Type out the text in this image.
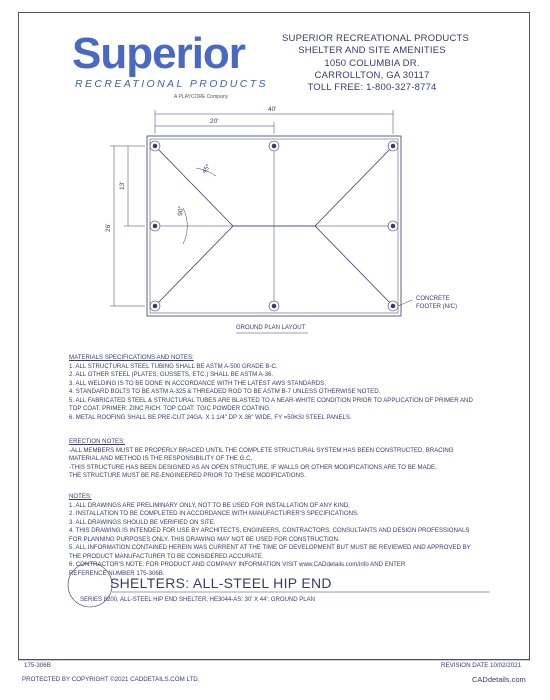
Superior
RECREATIONAL PRODUCTS
A PLAYCORE Company
SUPERIOR RECREATIONAL PRODUCTS
SHELTER AND SITE AMENITIES
1050 COLUMBIA DR.
CARROLLTON, GA 30117
TOLL FREE: 1-800-327-8774
40'
20'
26'
13'
45°
90°
CONCRETE
FOOTER (N/C)
GROUND PLAN LAYOUT
MATERIALS SPECIFICATIONS AND NOTES:
1. ALL STRUCTURAL STEEL TUBING SHALL BE ASTM A-500 GRADE B-C.
2. ALL OTHER STEEL (PLATES, GUSSETS, ETC.) SHALL BE ASTM A-36.
3. ALL WELDING IS TO BE DONE IN ACCORDANCE WITH THE LATEST AWS STANDARDS.
4. STANDARD BOLTS TO BE ASTM A-325 & THREADED ROD TO BE ASTM B-7 UNLESS OTHERWISE NOTED.
5. ALL FABRICATED STEEL & STRUCTURAL TUBES ARE BLASTED TO A NEAR-WHITE CONDITION PRIOR TO APPLICATION OF PRIMER AND
TOP COAT. PRIMER: ZINC RICH. TOP COAT: TGIC POWDER COATING.
6. METAL ROOFING SHALL BE PRE-CUT 24GA. X 1 1/4" DP X 36" WIDE, FY =50KSI STEEL PANELS.
ERECTION NOTES:
-ALL MEMBERS MUST BE PROPERLY BRACED UNTIL THE COMPLETE STRUCTURAL SYSTEM HAS BEEN CONSTRUCTED. BRACING
MATERIAL AND METHOD IS THE RESPONSIBILITY OF THE G.C.
-THIS STRUCTURE HAS BEEN DESIGNED AS AN OPEN STRUCTURE. IF WALLS OR OTHER MODIFICATIONS ARE TO BE MADE,
THE STRUCTURE MUST BE RE-ENGINEERED PRIOR TO THESE MODIFICATIONS.
NOTES:
1. ALL DRAWINGS ARE PRELIMINARY ONLY, NOT TO BE USED FOR INSTALLATION OF ANY KIND.
2. INSTALLATION TO BE COMPLETED IN ACCORDANCE WITH MANUFACTURER'S SPECIFICATIONS.
3. ALL DRAWINGS SHOULD BE VERIFIED ON SITE.
4. THIS DRAWING IS INTENDED FOR USE BY ARCHITECTS, ENGINEERS, CONTRACTORS, CONSULTANTS AND DESIGN PROFESSIONALS
FOR PLANNING PURPOSES ONLY. THIS DRAWING MAY NOT BE USED FOR CONSTRUCTION.
5. ALL INFORMATION CONTAINED HEREIN WAS CURRENT AT THE TIME OF DEVELOPMENT BUT MUST BE REVIEWED AND APPROVED BY
THE PRODUCT MANUFACTURER TO BE CONSIDERED ACCURATE.
6. CONTRACTOR'S NOTE: FOR PRODUCT AND COMPANY INFORMATION VISIT www.CADdetails.com/info AND ENTER
REFERENCE NUMBER 175-306B.
SHELTERS: ALL-STEEL HIP END
SERIES 8200, ALL-STEEL HIP END SHELTER, HE3044-AS: 30' X 44': GROUND PLAN
175-306B	REVISION DATE 10/02/2021
PROTECTED BY COPYRIGHT ©2021 CADDETAILS.COM LTD.	CADdetails.com
